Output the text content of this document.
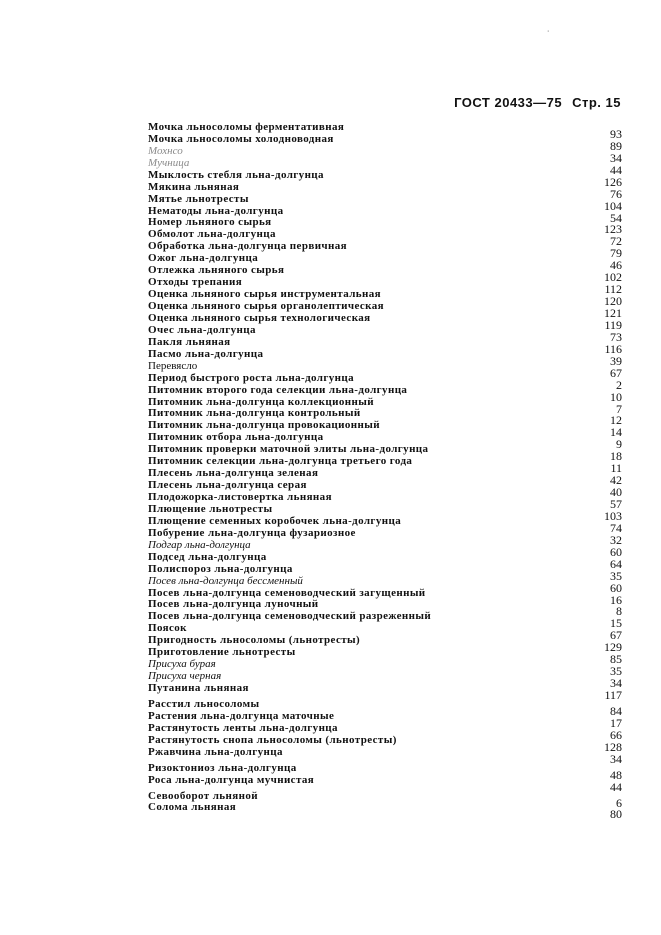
ГОСТ 20433—75 Стр. 15
˙
Мочка льносоломы ферментативная	93
Мочка льносоломы холодноводная	89
Мохнсо	34
Мучница	44
Мыклость стебля льна-долгунца	126
Мякина льняная	76
Мятье льнотресты	104
Нематоды льна-долгунца	54
Номер льняного сырья	123
Обмолот льна-долгунца	72
Обработка льна-долгунца первичная	79
Ожог льна-долгунца	46
Отлежка льняного сырья	102
Отходы трепания	112
Оценка льняного сырья инструментальная	120
Оценка льняного сырья органолептическая	121
Оценка льняного сырья технологическая	119
Очес льна-долгунца	73
Пакля льняная	116
Пасмо льна-долгунца	39
Перевясло	67
Период быстрого роста льна-долгунца	2
Питомник второго года селекции льна-долгунца	10
Питомник льна-долгунца коллекционный	7
Питомник льна-долгунца контрольный	12
Питомник льна-долгунца провокационный	14
Питомник отбора льна-долгунца	9
Питомник проверки маточной элиты льна-долгунца	18
Питомник селекции льна-долгунца третьего года	11
Плесень льна-долгунца зеленая	42
Плесень льна-долгунца серая	40
Плодожорка-листовертка льняная	57
Плющение льнотресты	103
Плющение семенных коробочек льна-долгунца	74
Побурение льна-долгунца фузариозное	32
Подгар льна-долгунца	60
Подсед льна-долгунца	64
Полиспороз льна-долгунца	35
Посев льна-долгунца бессменный	60
Посев льна-долгунца семеноводческий загущенный	16
Посев льна-долгунца луночный	8
Посев льна-долгунца семеноводческий разреженный	15
Поясок	67
Пригодность льносоломы (льнотресты)	129
Приготовление льнотресты	85
Присуха бурая	35
Присуха черная	34
Путанина льняная	117
Расстил льносоломы	84
Растения льна-долгунца маточные	17
Растянутость ленты льна-долгунца	66
Растянутость снопа льносоломы (льнотресты)	128
Ржавчина льна-долгунца	34
Ризоктониоз льна-долгунца	48
Роса льна-долгунца мучнистая	44
Севооборот льняной	6
Солома льняная	80
